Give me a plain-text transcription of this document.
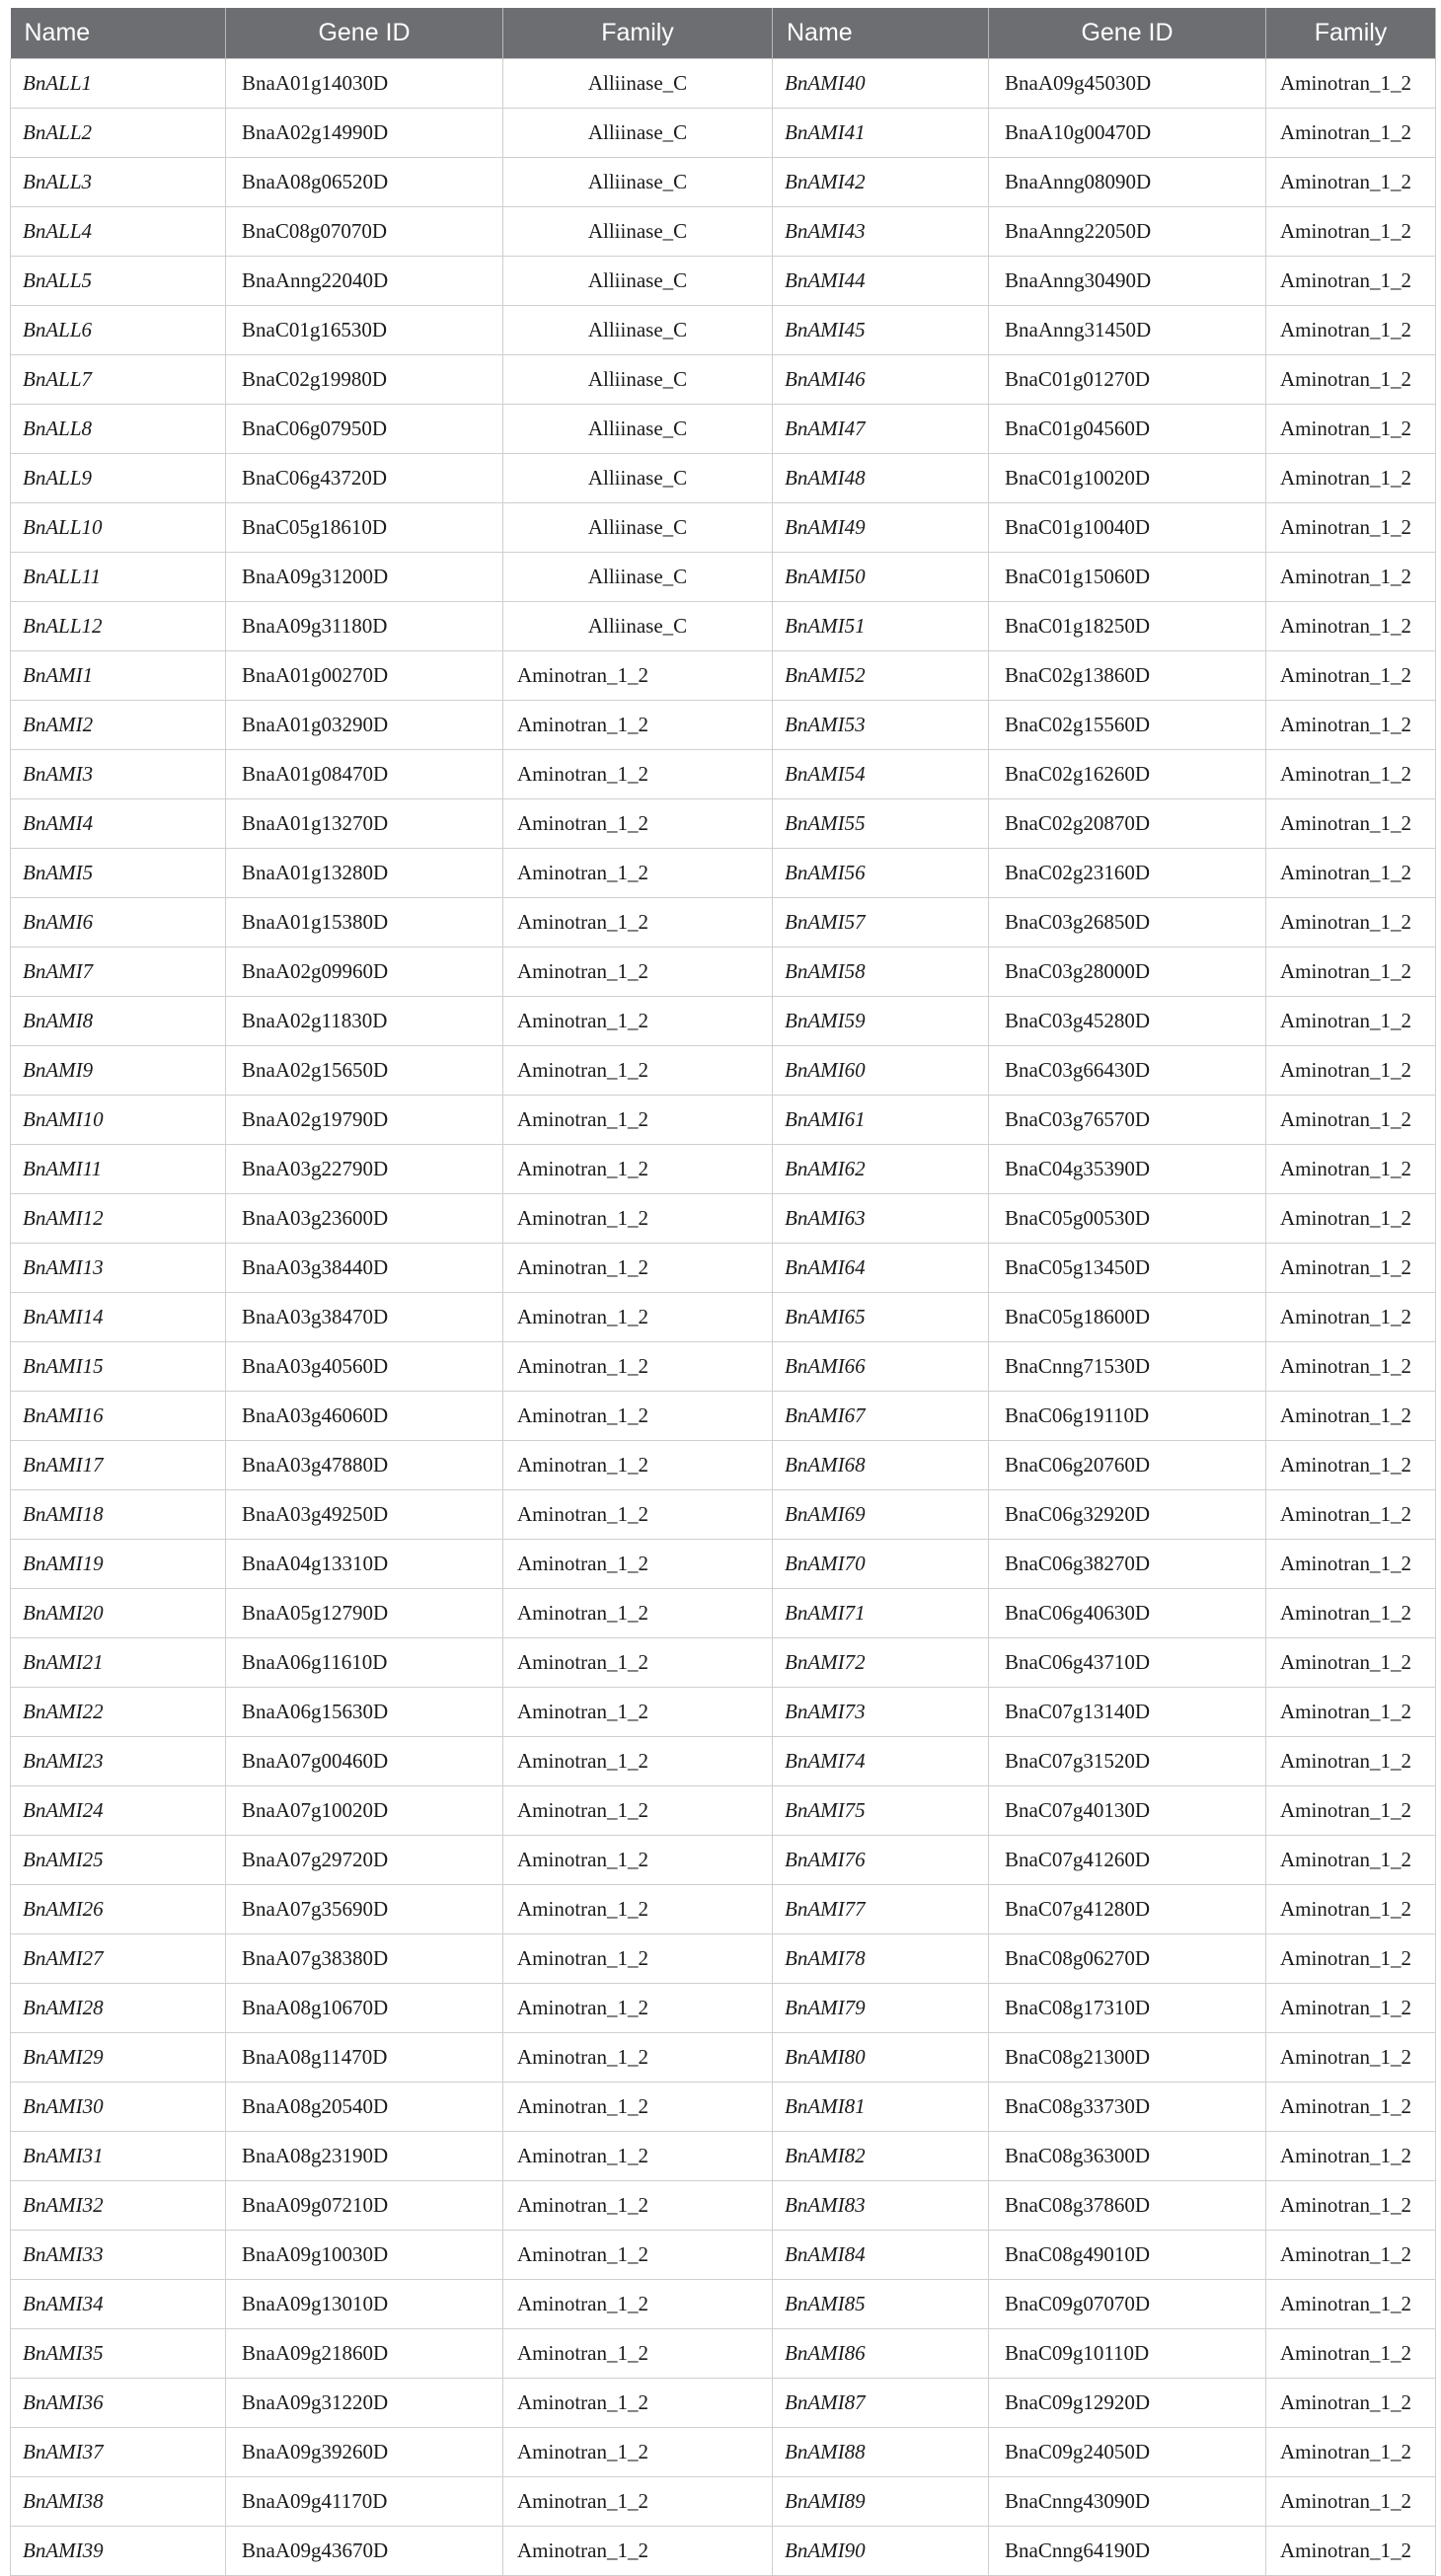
Name	Gene ID	Family	Name	Gene ID	Family
BnALL1	BnaA01g14030D	Alliinase_C	BnAMI40	BnaA09g45030D	Aminotran_1_2
BnALL2	BnaA02g14990D	Alliinase_C	BnAMI41	BnaA10g00470D	Aminotran_1_2
BnALL3	BnaA08g06520D	Alliinase_C	BnAMI42	BnaAnng08090D	Aminotran_1_2
BnALL4	BnaC08g07070D	Alliinase_C	BnAMI43	BnaAnng22050D	Aminotran_1_2
BnALL5	BnaAnng22040D	Alliinase_C	BnAMI44	BnaAnng30490D	Aminotran_1_2
BnALL6	BnaC01g16530D	Alliinase_C	BnAMI45	BnaAnng31450D	Aminotran_1_2
BnALL7	BnaC02g19980D	Alliinase_C	BnAMI46	BnaC01g01270D	Aminotran_1_2
BnALL8	BnaC06g07950D	Alliinase_C	BnAMI47	BnaC01g04560D	Aminotran_1_2
BnALL9	BnaC06g43720D	Alliinase_C	BnAMI48	BnaC01g10020D	Aminotran_1_2
BnALL10	BnaC05g18610D	Alliinase_C	BnAMI49	BnaC01g10040D	Aminotran_1_2
BnALL11	BnaA09g31200D	Alliinase_C	BnAMI50	BnaC01g15060D	Aminotran_1_2
BnALL12	BnaA09g31180D	Alliinase_C	BnAMI51	BnaC01g18250D	Aminotran_1_2
BnAMI1	BnaA01g00270D	Aminotran_1_2	BnAMI52	BnaC02g13860D	Aminotran_1_2
BnAMI2	BnaA01g03290D	Aminotran_1_2	BnAMI53	BnaC02g15560D	Aminotran_1_2
BnAMI3	BnaA01g08470D	Aminotran_1_2	BnAMI54	BnaC02g16260D	Aminotran_1_2
BnAMI4	BnaA01g13270D	Aminotran_1_2	BnAMI55	BnaC02g20870D	Aminotran_1_2
BnAMI5	BnaA01g13280D	Aminotran_1_2	BnAMI56	BnaC02g23160D	Aminotran_1_2
BnAMI6	BnaA01g15380D	Aminotran_1_2	BnAMI57	BnaC03g26850D	Aminotran_1_2
BnAMI7	BnaA02g09960D	Aminotran_1_2	BnAMI58	BnaC03g28000D	Aminotran_1_2
BnAMI8	BnaA02g11830D	Aminotran_1_2	BnAMI59	BnaC03g45280D	Aminotran_1_2
BnAMI9	BnaA02g15650D	Aminotran_1_2	BnAMI60	BnaC03g66430D	Aminotran_1_2
BnAMI10	BnaA02g19790D	Aminotran_1_2	BnAMI61	BnaC03g76570D	Aminotran_1_2
BnAMI11	BnaA03g22790D	Aminotran_1_2	BnAMI62	BnaC04g35390D	Aminotran_1_2
BnAMI12	BnaA03g23600D	Aminotran_1_2	BnAMI63	BnaC05g00530D	Aminotran_1_2
BnAMI13	BnaA03g38440D	Aminotran_1_2	BnAMI64	BnaC05g13450D	Aminotran_1_2
BnAMI14	BnaA03g38470D	Aminotran_1_2	BnAMI65	BnaC05g18600D	Aminotran_1_2
BnAMI15	BnaA03g40560D	Aminotran_1_2	BnAMI66	BnaCnng71530D	Aminotran_1_2
BnAMI16	BnaA03g46060D	Aminotran_1_2	BnAMI67	BnaC06g19110D	Aminotran_1_2
BnAMI17	BnaA03g47880D	Aminotran_1_2	BnAMI68	BnaC06g20760D	Aminotran_1_2
BnAMI18	BnaA03g49250D	Aminotran_1_2	BnAMI69	BnaC06g32920D	Aminotran_1_2
BnAMI19	BnaA04g13310D	Aminotran_1_2	BnAMI70	BnaC06g38270D	Aminotran_1_2
BnAMI20	BnaA05g12790D	Aminotran_1_2	BnAMI71	BnaC06g40630D	Aminotran_1_2
BnAMI21	BnaA06g11610D	Aminotran_1_2	BnAMI72	BnaC06g43710D	Aminotran_1_2
BnAMI22	BnaA06g15630D	Aminotran_1_2	BnAMI73	BnaC07g13140D	Aminotran_1_2
BnAMI23	BnaA07g00460D	Aminotran_1_2	BnAMI74	BnaC07g31520D	Aminotran_1_2
BnAMI24	BnaA07g10020D	Aminotran_1_2	BnAMI75	BnaC07g40130D	Aminotran_1_2
BnAMI25	BnaA07g29720D	Aminotran_1_2	BnAMI76	BnaC07g41260D	Aminotran_1_2
BnAMI26	BnaA07g35690D	Aminotran_1_2	BnAMI77	BnaC07g41280D	Aminotran_1_2
BnAMI27	BnaA07g38380D	Aminotran_1_2	BnAMI78	BnaC08g06270D	Aminotran_1_2
BnAMI28	BnaA08g10670D	Aminotran_1_2	BnAMI79	BnaC08g17310D	Aminotran_1_2
BnAMI29	BnaA08g11470D	Aminotran_1_2	BnAMI80	BnaC08g21300D	Aminotran_1_2
BnAMI30	BnaA08g20540D	Aminotran_1_2	BnAMI81	BnaC08g33730D	Aminotran_1_2
BnAMI31	BnaA08g23190D	Aminotran_1_2	BnAMI82	BnaC08g36300D	Aminotran_1_2
BnAMI32	BnaA09g07210D	Aminotran_1_2	BnAMI83	BnaC08g37860D	Aminotran_1_2
BnAMI33	BnaA09g10030D	Aminotran_1_2	BnAMI84	BnaC08g49010D	Aminotran_1_2
BnAMI34	BnaA09g13010D	Aminotran_1_2	BnAMI85	BnaC09g07070D	Aminotran_1_2
BnAMI35	BnaA09g21860D	Aminotran_1_2	BnAMI86	BnaC09g10110D	Aminotran_1_2
BnAMI36	BnaA09g31220D	Aminotran_1_2	BnAMI87	BnaC09g12920D	Aminotran_1_2
BnAMI37	BnaA09g39260D	Aminotran_1_2	BnAMI88	BnaC09g24050D	Aminotran_1_2
BnAMI38	BnaA09g41170D	Aminotran_1_2	BnAMI89	BnaCnng43090D	Aminotran_1_2
BnAMI39	BnaA09g43670D	Aminotran_1_2	BnAMI90	BnaCnng64190D	Aminotran_1_2
